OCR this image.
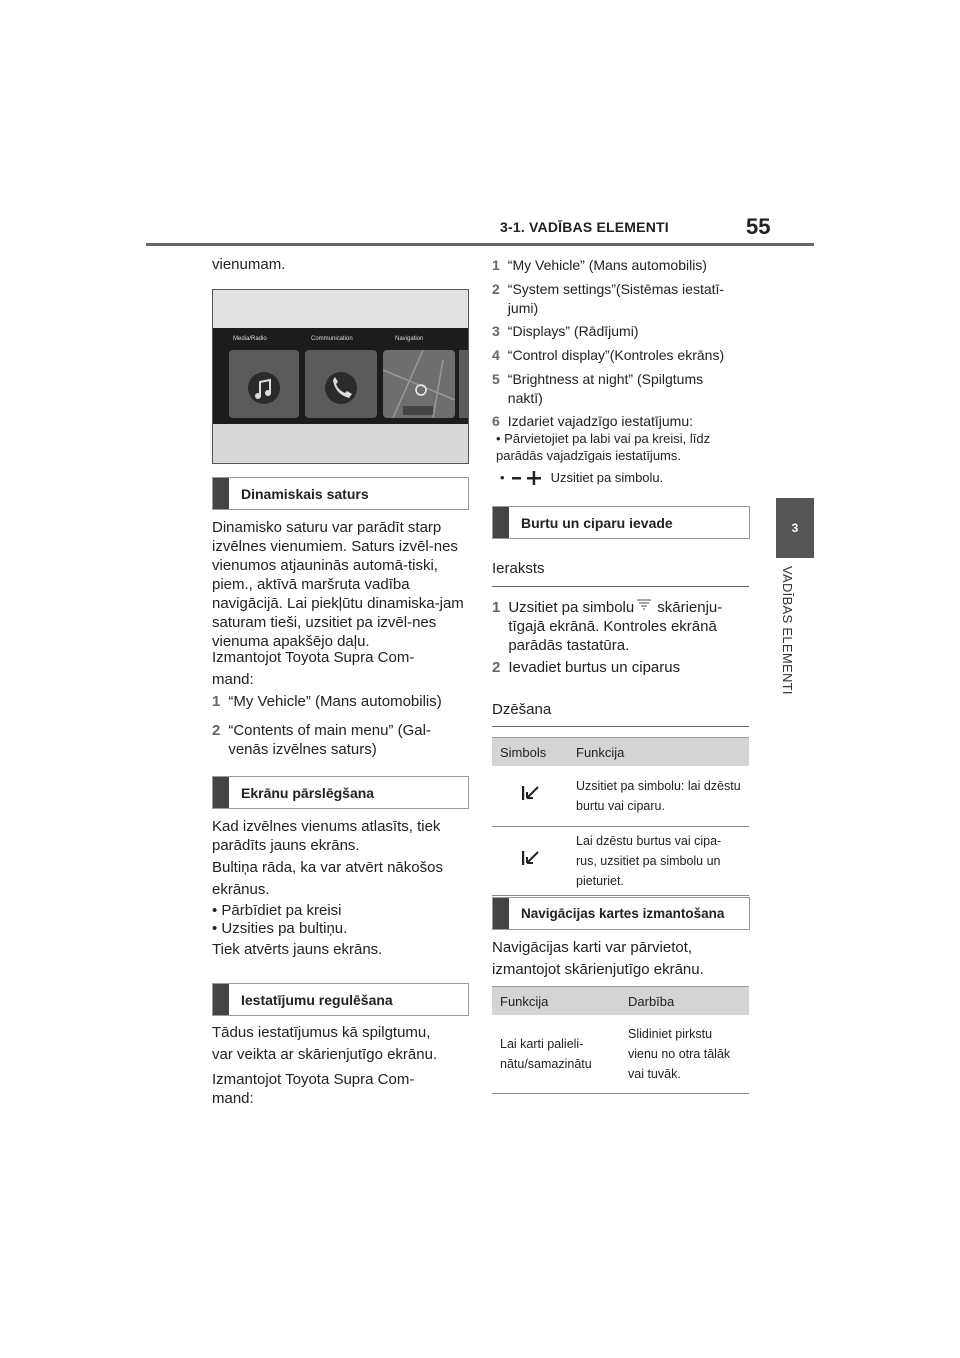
3-1. VADĪBAS ELEMENTI	55
3
VADĪBAS ELEMENTI
vienumam.
Media/Radio	Communication	Navigation
Dinamiskais saturs
Dinamisko saturu var parādīt starp izvēlnes vienumiem. Saturs izvēl-nes vienumos atjauninās automā-tiski, piem., aktīvā maršruta vadība navigācijā. Lai piekļūtu dinamiska-jam saturam tieši, uzsitiet pa izvēl-nes vienuma apakšējo daļu.
Izmantojot Toyota Supra Com-
mand:
1 “My Vehicle” (Mans automobilis)
2 “Contents of main menu” (Gal-venās izvēlnes saturs)
Ekrānu pārslēgšana
Kad izvēlnes vienums atlasīts, tiek parādīts jauns ekrāns.
Bultiņa rāda, ka var atvērt nākošos
ekrānus.
• Pārbīdiet pa kreisi
• Uzsities pa bultiņu.
Tiek atvērts jauns ekrāns.
Iestatījumu regulēšana
Tādus iestatījumus kā spilgtumu,
var veikta ar skārienjutīgo ekrānu.
Izmantojot Toyota Supra Com-mand:
1 “My Vehicle” (Mans automobilis)
2 “System settings”(Sistēmas iestatī-jumi)
3 “Displays” (Rādījumi)
4 “Control display”(Kontroles ekrāns)
5 “Brightness at night” (Spilgtums naktī)
6 Izdariet vajadzīgo iestatījumu:
• Pārvietojiet pa labi vai pa kreisi, līdz parādās vajadzīgais iestatījums.
•	Uzsitiet pa simbolu.
Burtu un ciparu ievade
Ieraksts
1 Uzsitiet pa simbolu skārienju- tīgajā ekrānā. Kontroles ekrānā parādās tastatūra.
2 Ievadiet burtus un ciparus
Dzēšana
Simbols	Funkcija
	Uzsitiet pa simbolu: lai dzēstu burtu vai ciparu.
	Lai dzēstu burtus vai cipa-rus, uzsitiet pa simbolu un pieturiet.
Navigācijas kartes izmantošana
Navigācijas karti var pārvietot,
izmantojot skārienjutīgo ekrānu.
Funkcija	Darbība
Lai karti palieli-nātu/samazinātu	Slidiniet pirkstu vienu no otra tālāk vai tuvāk.
